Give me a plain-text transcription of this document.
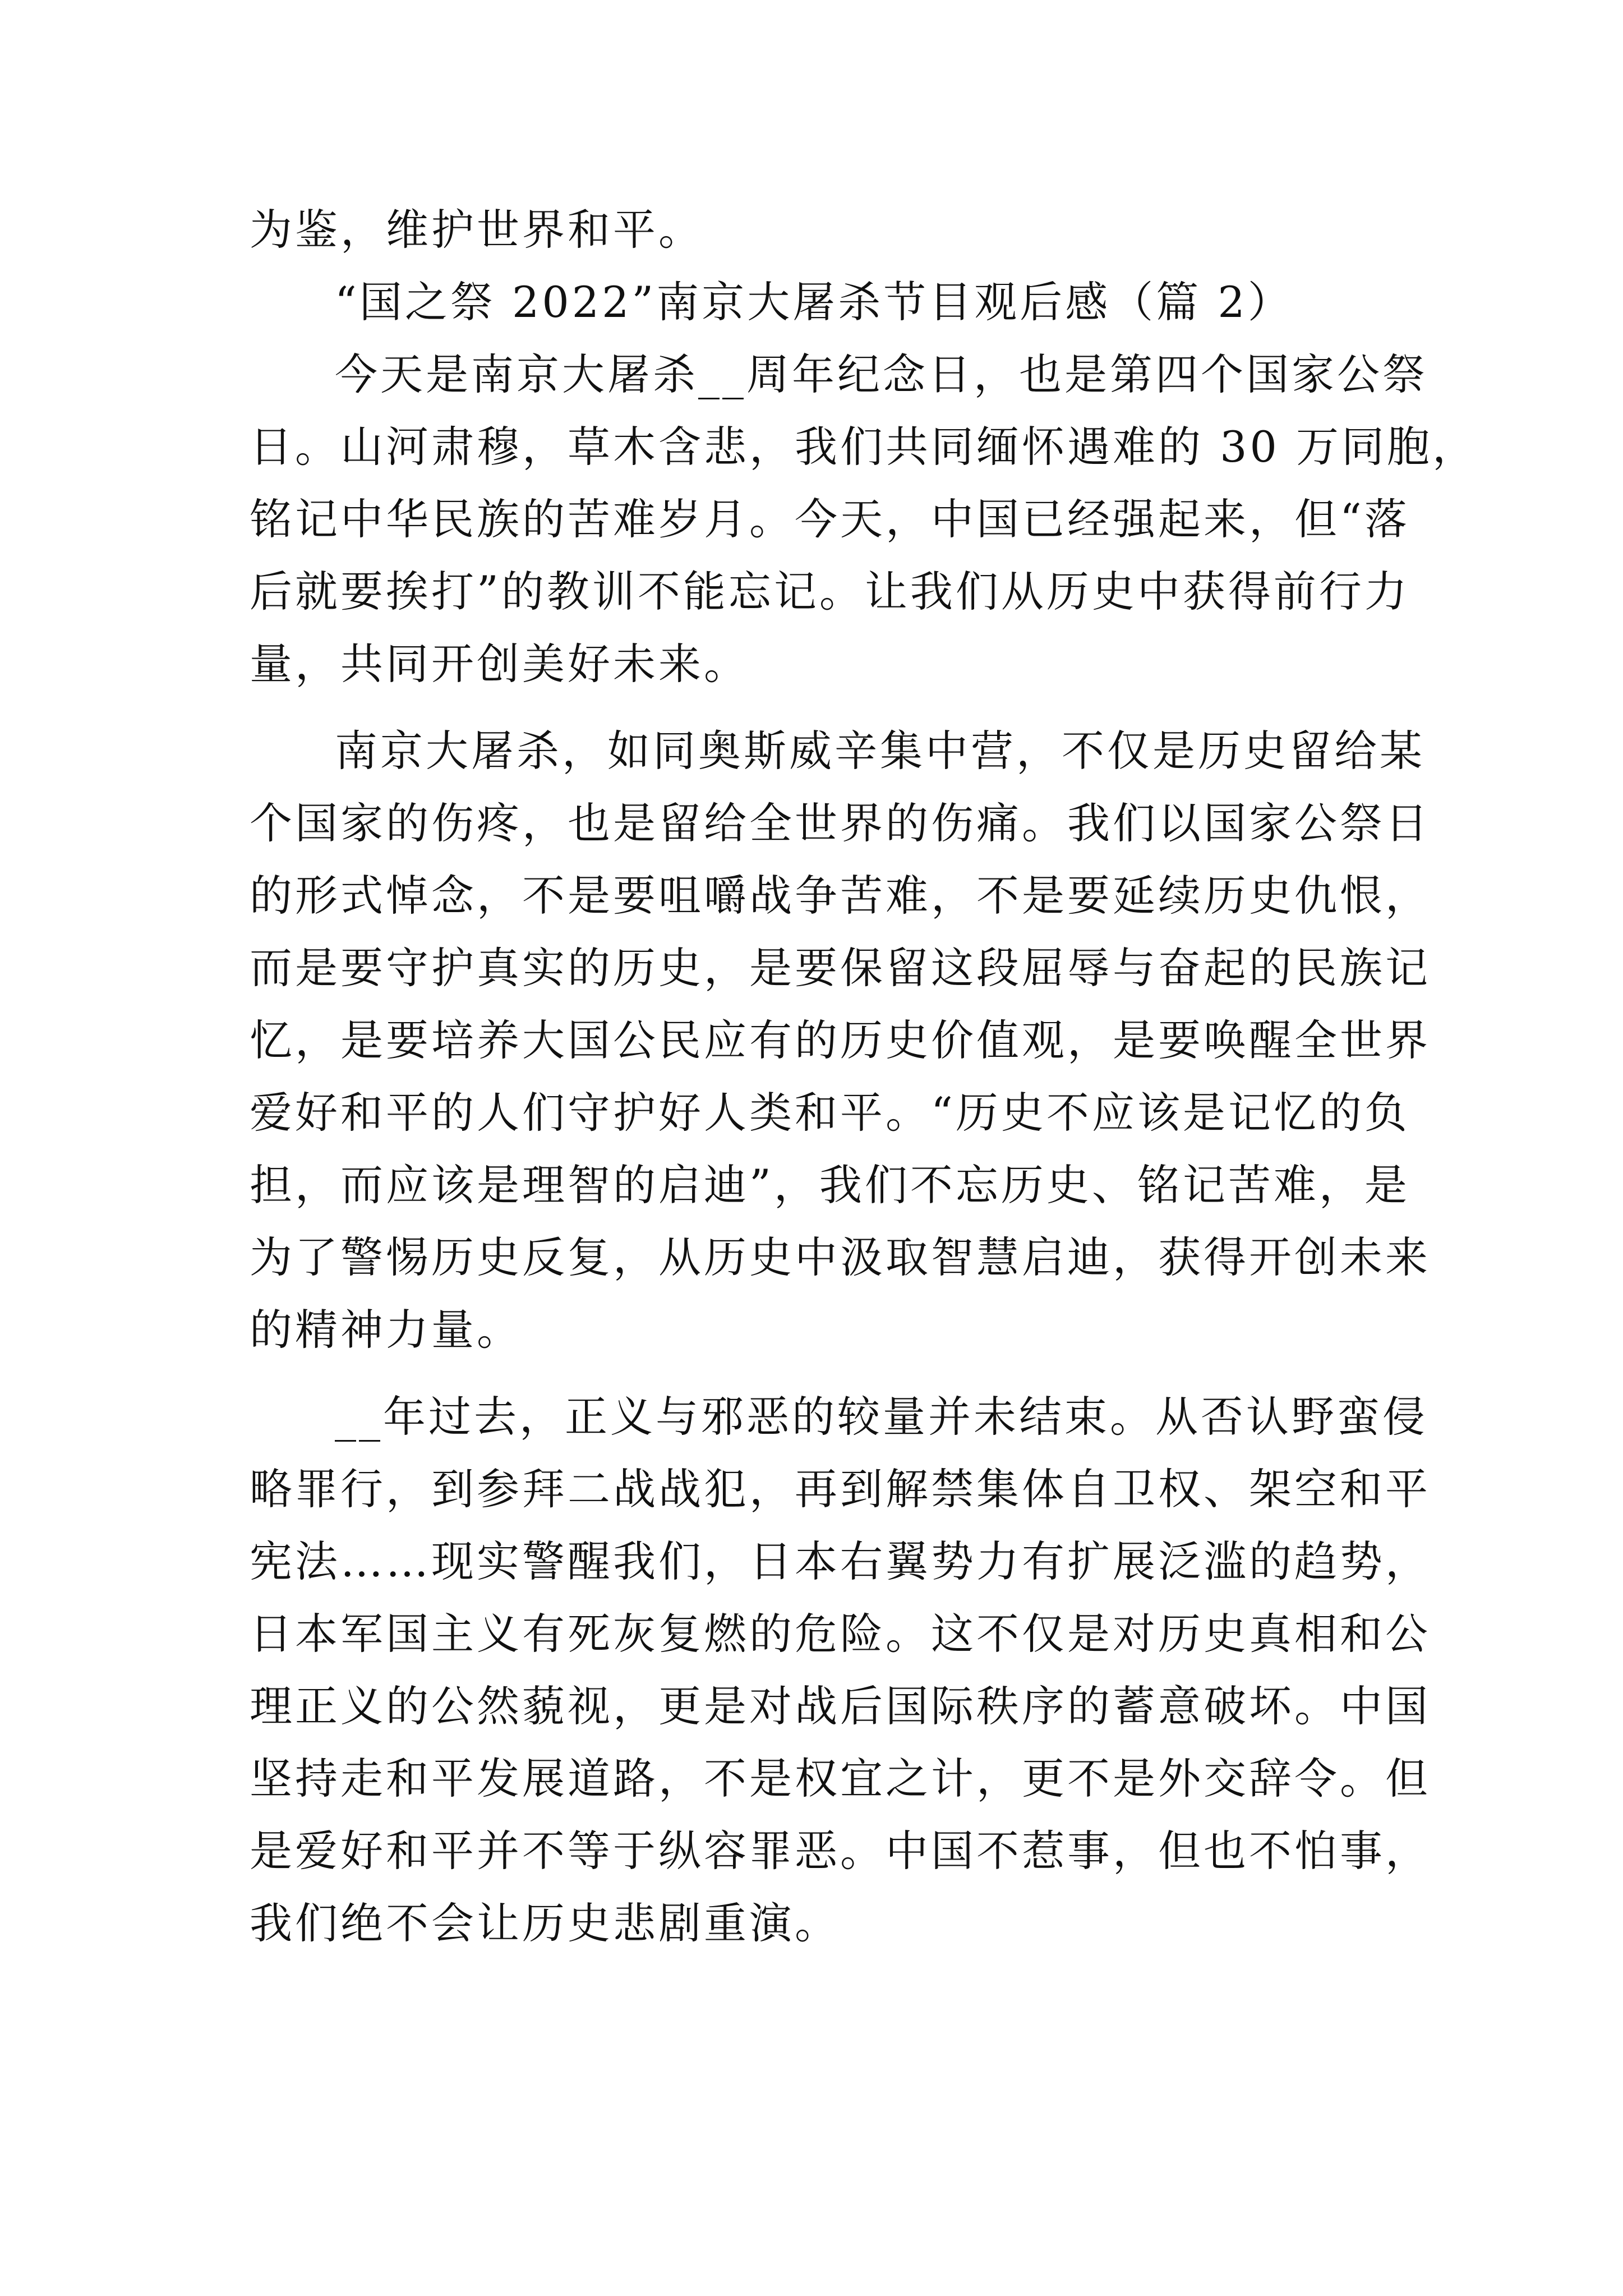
为鉴，维护世界和平。
“国之祭 2022”南京大屠杀节目观后感（篇 2）
今天是南京大屠杀__周年纪念日，也是第四个国家公祭
日。山河肃穆，草木含悲，我们共同缅怀遇难的 30 万同胞，
铭记中华民族的苦难岁月。今天，中国已经强起来，但“落
后就要挨打”的教训不能忘记。让我们从历史中获得前行力
量，共同开创美好未来。
南京大屠杀，如同奥斯威辛集中营，不仅是历史留给某
个国家的伤疼，也是留给全世界的伤痛。我们以国家公祭日
的形式悼念，不是要咀嚼战争苦难，不是要延续历史仇恨，
而是要守护真实的历史，是要保留这段屈辱与奋起的民族记
忆，是要培养大国公民应有的历史价值观，是要唤醒全世界
爱好和平的人们守护好人类和平。“历史不应该是记忆的负
担，而应该是理智的启迪”，我们不忘历史、铭记苦难，是
为了警惕历史反复，从历史中汲取智慧启迪，获得开创未来
的精神力量。
__年过去，正义与邪恶的较量并未结束。从否认野蛮侵
略罪行，到参拜二战战犯，再到解禁集体自卫权、架空和平
宪法……现实警醒我们，日本右翼势力有扩展泛滥的趋势，
日本军国主义有死灰复燃的危险。这不仅是对历史真相和公
理正义的公然藐视，更是对战后国际秩序的蓄意破坏。中国
坚持走和平发展道路，不是权宜之计，更不是外交辞令。但
是爱好和平并不等于纵容罪恶。中国不惹事，但也不怕事，
我们绝不会让历史悲剧重演。
